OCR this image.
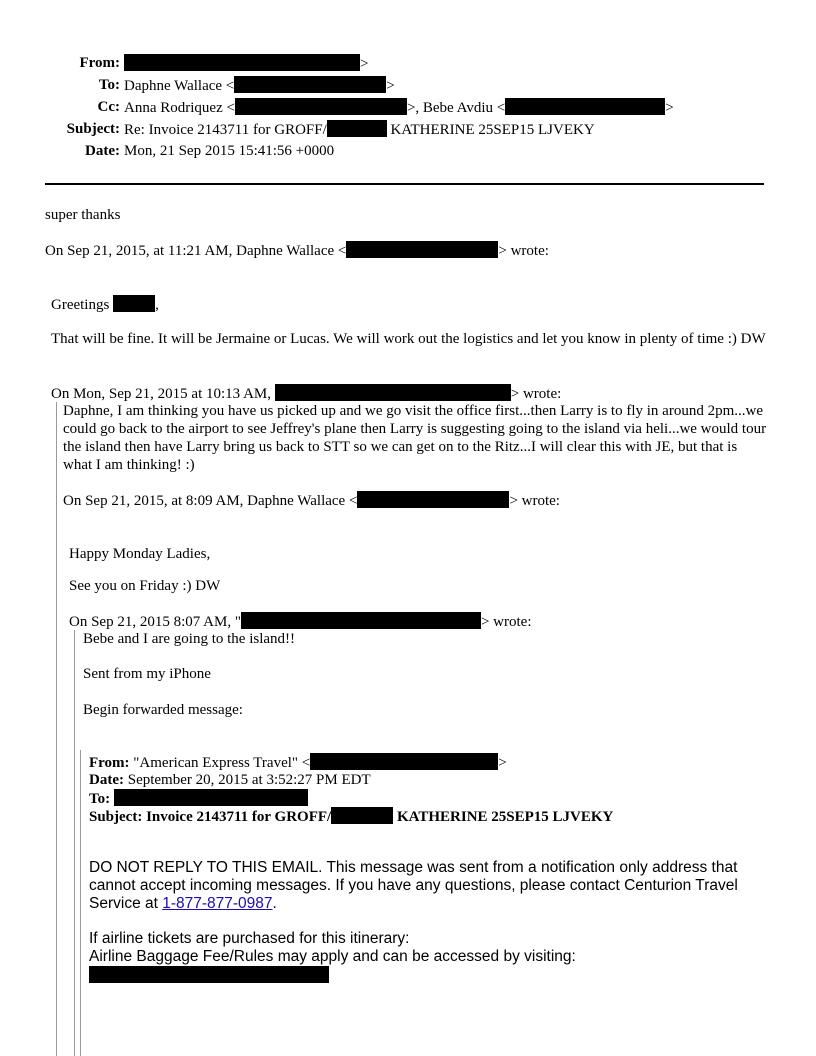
From:	>
To: Daphne Wallace <	>
Cc: Anna Rodriquez <	>, Bebe Avdiu <	>
Subject: Re: Invoice 2143711 for GROFF/	KATHERINE 25SEP15 LJVEKY
Date: Mon, 21 Sep 2015 15:41:56 +0000
super thanks
On Sep 21, 2015, at 11:21 AM, Daphne Wallace <	> wrote:
Greetings	,
That will be fine. It will be Jermaine or Lucas. We will work out the logistics and let you know in plenty of time :) DW
On Mon, Sep 21, 2015 at 10:13 AM,	> wrote:
Daphne, I am thinking you have us picked up and we go visit the office first...then Larry is to fly in around 2pm...we could go back to the airport to see Jeffrey's plane then Larry is suggesting going to the island via heli...we would tour the island then have Larry bring us back to STT so we can get on to the Ritz...I will clear this with JE, but that is what I am thinking! :)
On Sep 21, 2015, at 8:09 AM, Daphne Wallace <	> wrote:
Happy Monday Ladies,
See you on Friday :) DW
On Sep 21, 2015 8:07 AM, "	> wrote:
Bebe and I are going to the island!!
Sent from my iPhone
Begin forwarded message:
From: "American Express Travel" <	>
Date: September 20, 2015 at 3:52:27 PM EDT
To:
Subject: Invoice 2143711 for GROFF/	KATHERINE 25SEP15 LJVEKY
DO NOT REPLY TO THIS EMAIL. This message was sent from a notification only address that cannot accept incoming messages. If you have any questions, please contact Centurion Travel Service at 1-877-877-0987.
If airline tickets are purchased for this itinerary:
Airline Baggage Fee/Rules may apply and can be accessed by visiting:
